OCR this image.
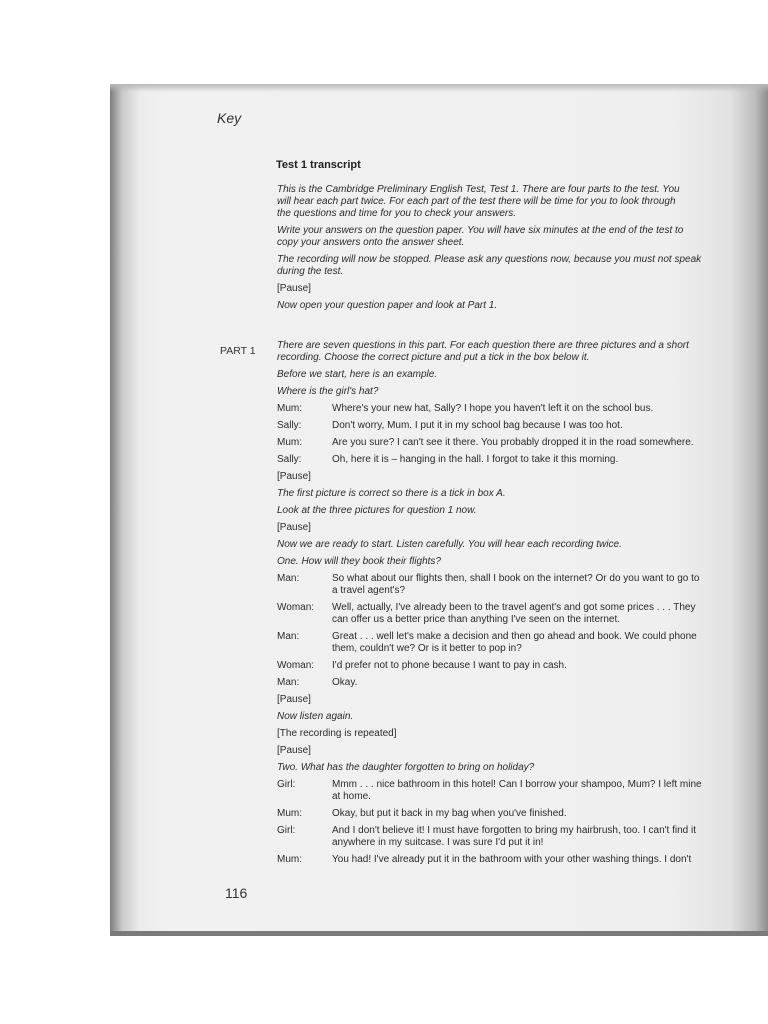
Key
Test 1 transcript
PART 1
116
This is the Cambridge Preliminary English Test, Test 1. There are four parts to the test. You
will hear each part twice. For each part of the test there will be time for you to look through
the questions and time for you to check your answers.
Write your answers on the question paper. You will have six minutes at the end of the test to
copy your answers onto the answer sheet.
The recording will now be stopped. Please ask any questions now, because you must not speak
during the test.
[Pause]
Now open your question paper and look at Part 1.
There are seven questions in this part. For each question there are three pictures and a short
recording. Choose the correct picture and put a tick in the box below it.
Before we start, here is an example.
Where is the girl's hat?
Mum:	Where's your new hat, Sally? I hope you haven't left it on the school bus.
Sally:	Don't worry, Mum. I put it in my school bag because I was too hot.
Mum:	Are you sure? I can't see it there. You probably dropped it in the road somewhere.
Sally:	Oh, here it is – hanging in the hall. I forgot to take it this morning.
[Pause]
The first picture is correct so there is a tick in box A.
Look at the three pictures for question 1 now.
[Pause]
Now we are ready to start. Listen carefully. You will hear each recording twice.
One. How will they book their flights?
Man:	So what about our flights then, shall I book on the internet? Or do you want to go to
a travel agent's?
Woman:	Well, actually, I've already been to the travel agent's and got some prices . . . They
can offer us a better price than anything I've seen on the internet.
Man:	Great . . . well let's make a decision and then go ahead and book. We could phone
them, couldn't we? Or is it better to pop in?
Woman:	I'd prefer not to phone because I want to pay in cash.
Man:	Okay.
[Pause]
Now listen again.
[The recording is repeated]
[Pause]
Two. What has the daughter forgotten to bring on holiday?
Girl:	Mmm . . . nice bathroom in this hotel! Can I borrow your shampoo, Mum? I left mine
at home.
Mum:	Okay, but put it back in my bag when you've finished.
Girl:	And I don't believe it! I must have forgotten to bring my hairbrush, too. I can't find it
anywhere in my suitcase. I was sure I'd put it in!
Mum:	You had! I've already put it in the bathroom with your other washing things. I don't
